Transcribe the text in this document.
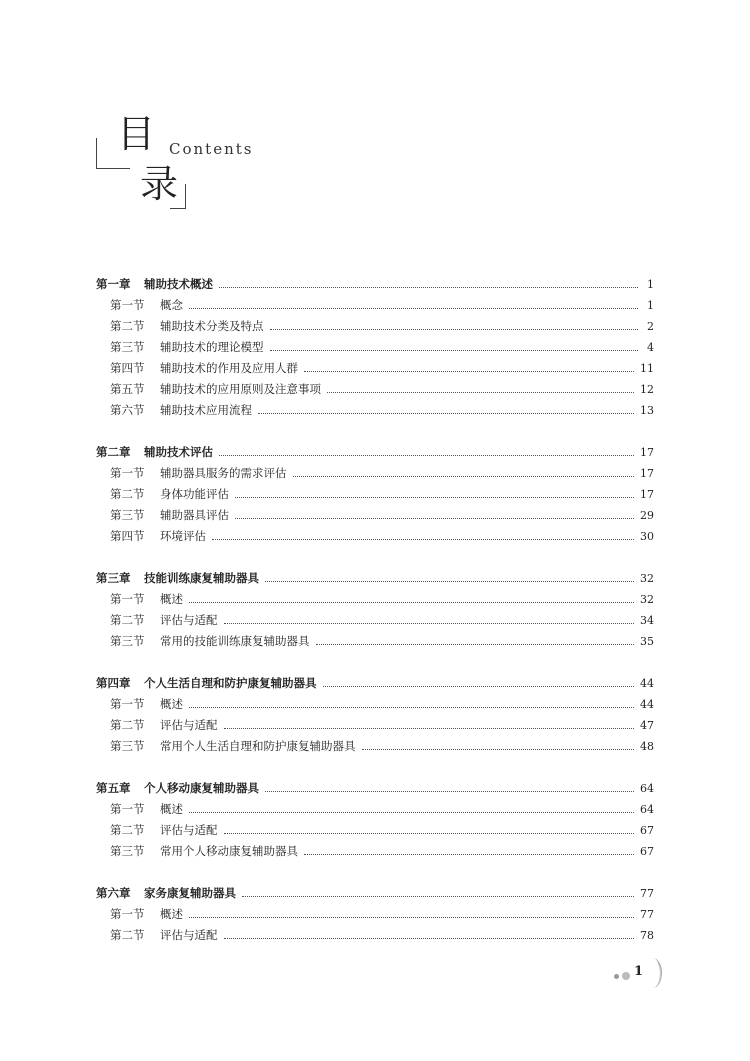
目 Contents
录
第一章	辅助技术概述	1
第一节	概念	1
第二节	辅助技术分类及特点	2
第三节	辅助技术的理论模型	4
第四节	辅助技术的作用及应用人群	11
第五节	辅助技术的应用原则及注意事项	12
第六节	辅助技术应用流程	13
第二章	辅助技术评估	17
第一节	辅助器具服务的需求评估	17
第二节	身体功能评估	17
第三节	辅助器具评估	29
第四节	环境评估	30
第三章	技能训练康复辅助器具	32
第一节	概述	32
第二节	评估与适配	34
第三节	常用的技能训练康复辅助器具	35
第四章	个人生活自理和防护康复辅助器具	44
第一节	概述	44
第二节	评估与适配	47
第三节	常用个人生活自理和防护康复辅助器具	48
第五章	个人移动康复辅助器具	64
第一节	概述	64
第二节	评估与适配	67
第三节	常用个人移动康复辅助器具	67
第六章	家务康复辅助器具	77
第一节	概述	77
第二节	评估与适配	78
1
